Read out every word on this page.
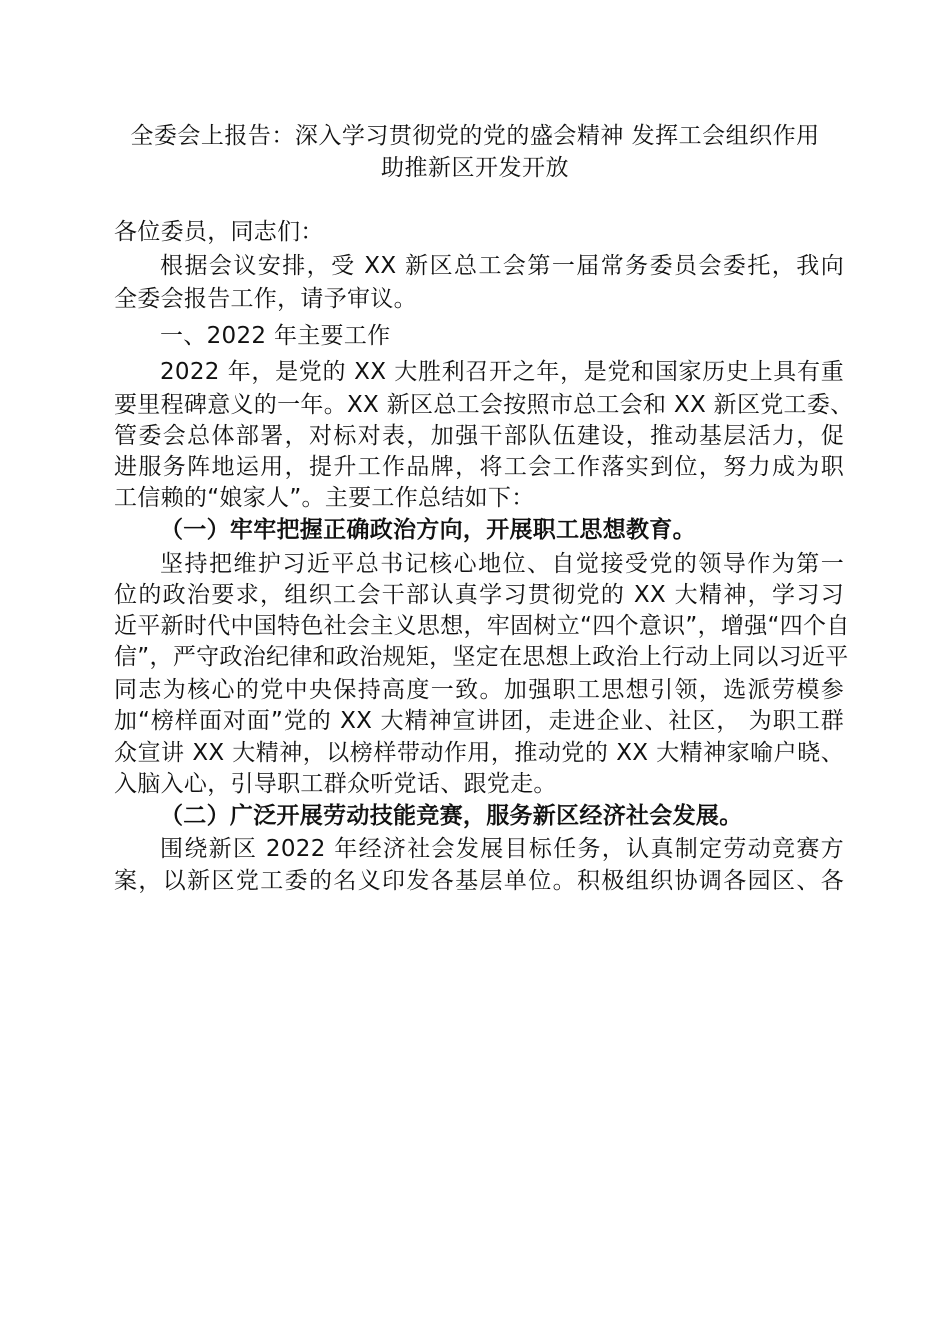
全委会上报告：深入学习贯彻党的党的盛会精神 发挥工会组织作用
助推新区开发开放
各位委员，同志们：
根据会议安排，受 XX 新区总工会第一届常务委员会委托，我向
全委会报告工作，请予审议。
一、2022 年主要工作
2022 年，是党的 XX 大胜利召开之年，是党和国家历史上具有重
要里程碑意义的一年。XX 新区总工会按照市总工会和 XX 新区党工委、
管委会总体部署，对标对表，加强干部队伍建设，推动基层活力，促
进服务阵地运用，提升工作品牌，将工会工作落实到位，努力成为职
工信赖的“娘家人”。主要工作总结如下：
（一）牢牢把握正确政治方向，开展职工思想教育。
坚持把维护习近平总书记核心地位、自觉接受党的领导作为第一
位的政治要求，组织工会干部认真学习贯彻党的 XX 大精神，学习习
近平新时代中国特色社会主义思想，牢固树立“四个意识”，增强“四个自
信”，严守政治纪律和政治规矩，坚定在思想上政治上行动上同以习近平
同志为核心的党中央保持高度一致。加强职工思想引领，选派劳模参
加“榜样面对面”党的 XX 大精神宣讲团，走进企业、社区， 为职工群
众宣讲 XX 大精神，以榜样带动作用，推动党的 XX 大精神家喻户晓、
入脑入心，引导职工群众听党话、跟党走。
（二）广泛开展劳动技能竞赛，服务新区经济社会发展。
围绕新区 2022 年经济社会发展目标任务，认真制定劳动竞赛方
案，以新区党工委的名义印发各基层单位。积极组织协调各园区、各
